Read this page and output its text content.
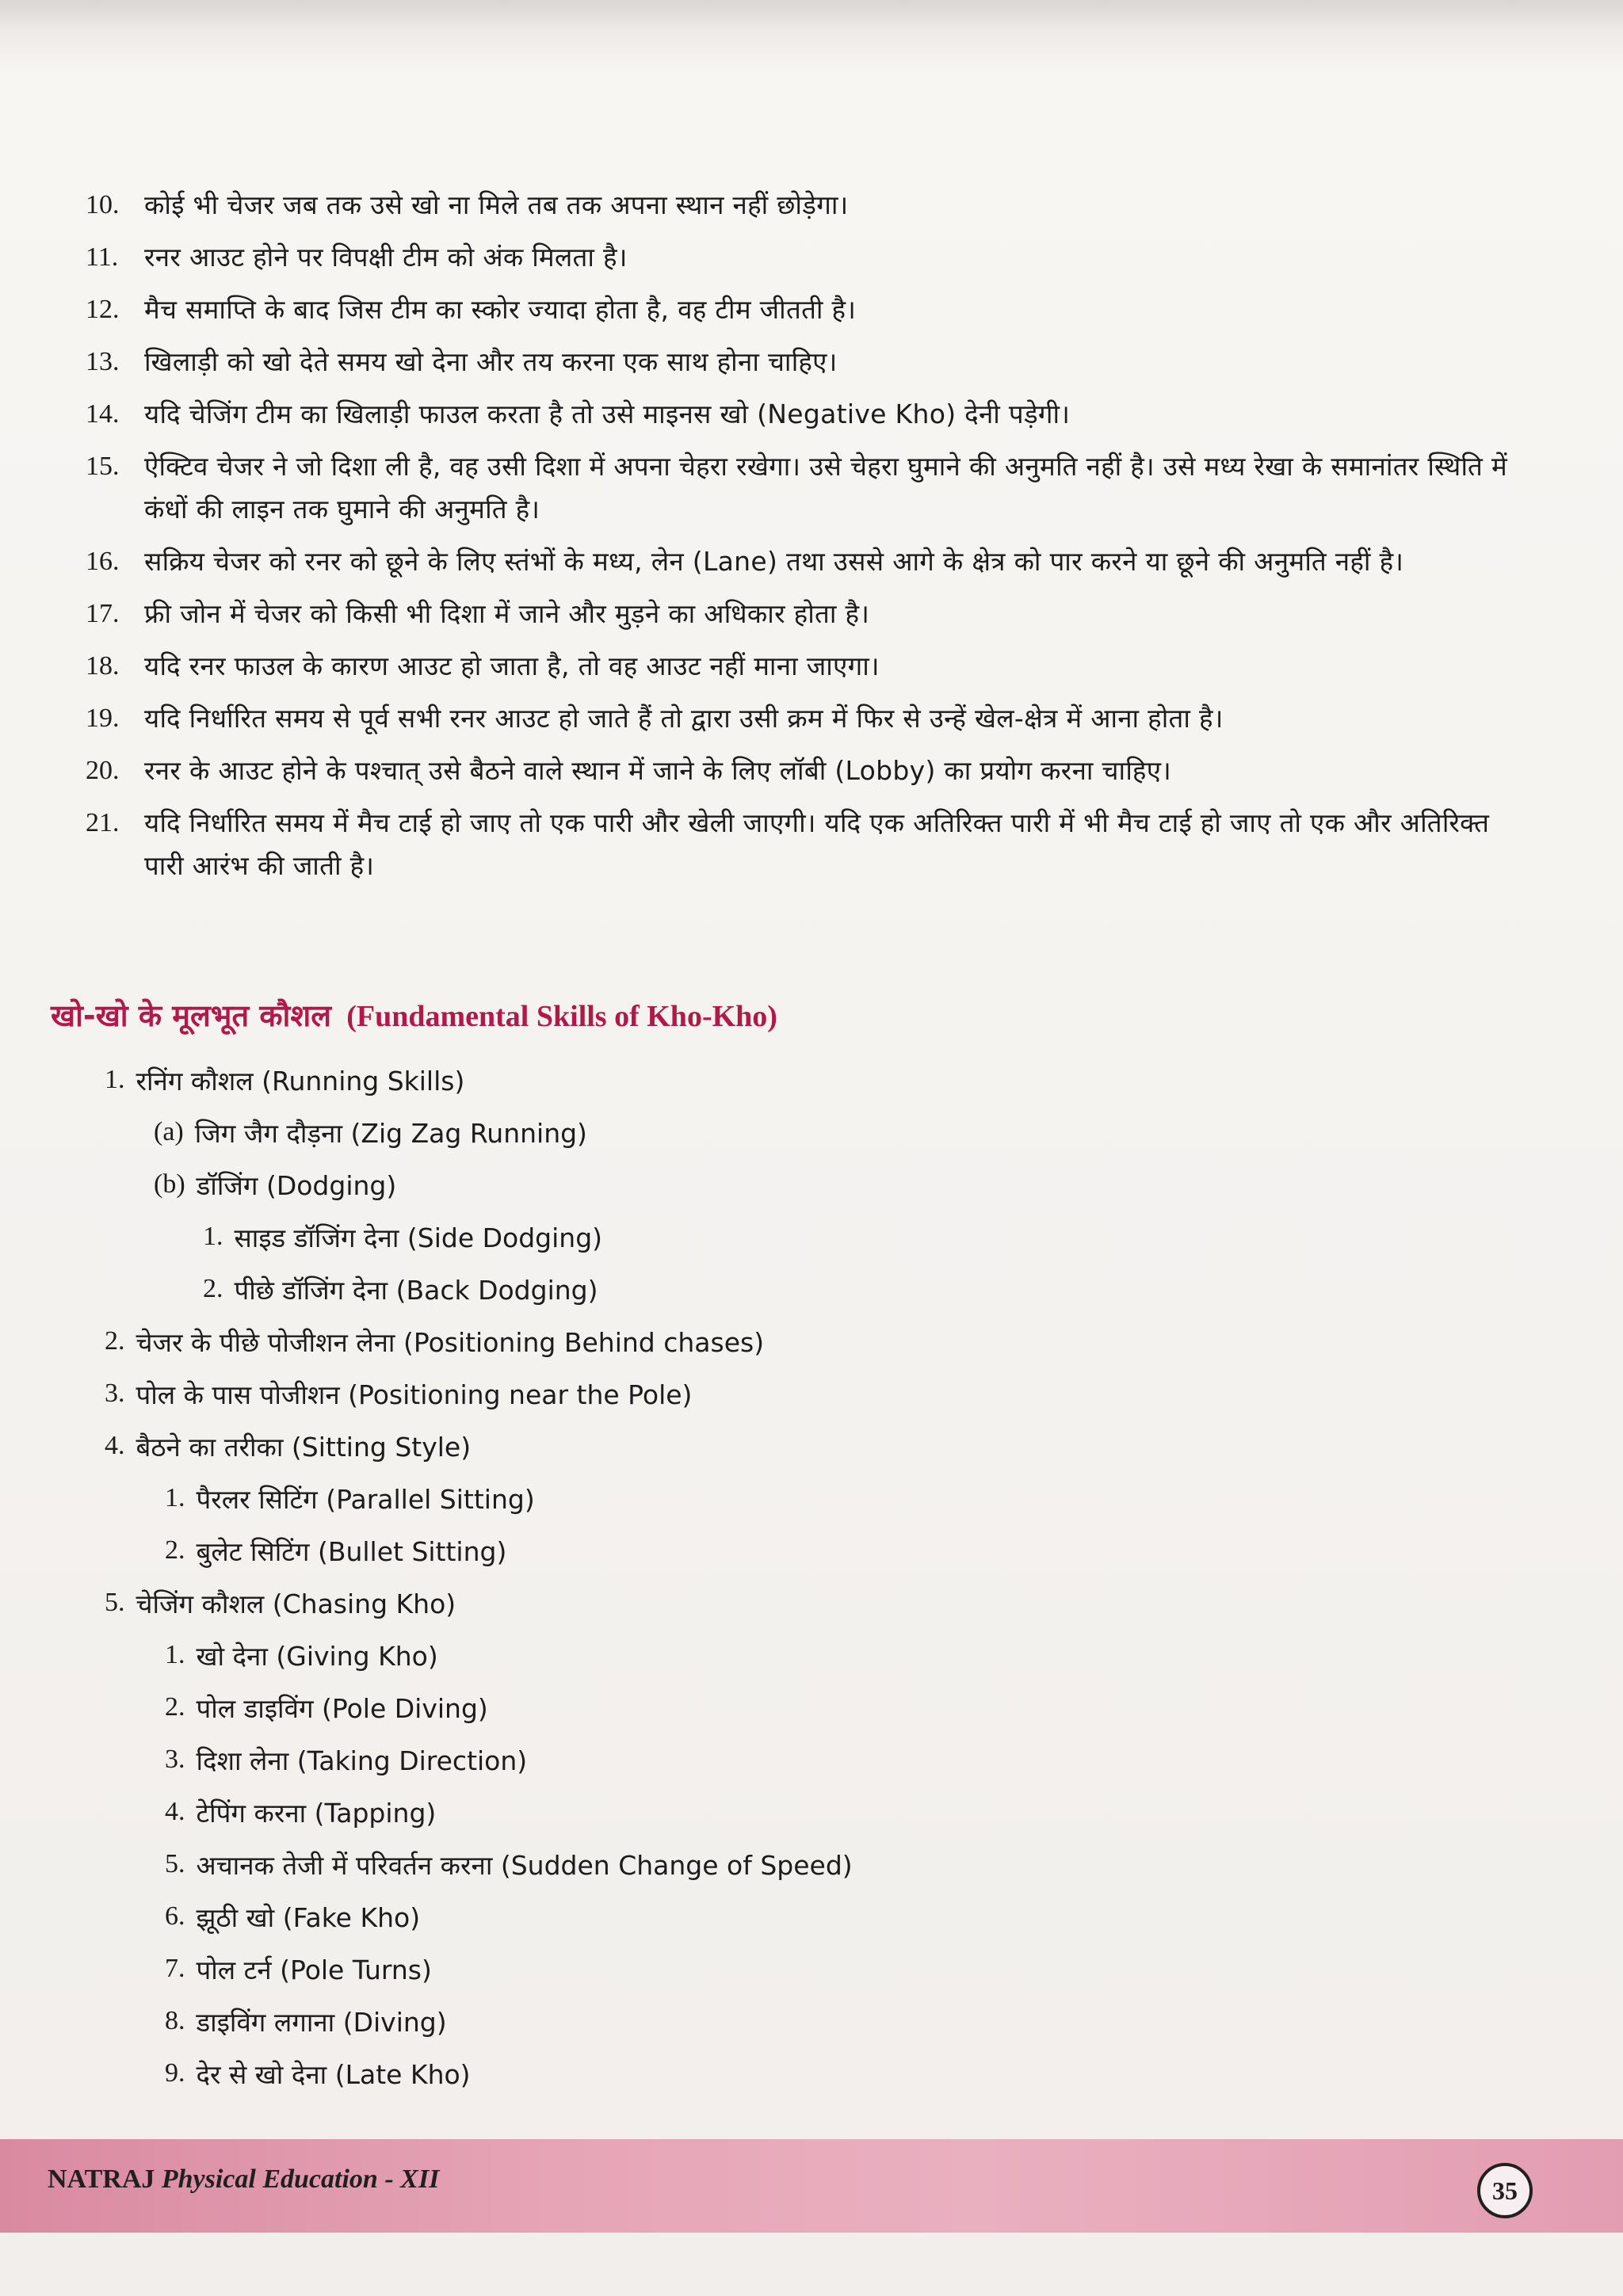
10. कोई भी चेजर जब तक उसे खो ना मिले तब तक अपना स्थान नहीं छोड़ेगा।
11. रनर आउट होने पर विपक्षी टीम को अंक मिलता है।
12. मैच समाप्ति के बाद जिस टीम का स्कोर ज्यादा होता है, वह टीम जीतती है।
13. खिलाड़ी को खो देते समय खो देना और तय करना एक साथ होना चाहिए।
14. यदि चेजिंग टीम का खिलाड़ी फाउल करता है तो उसे माइनस खो (Negative Kho) देनी पड़ेगी।
15. ऐक्टिव चेजर ने जो दिशा ली है, वह उसी दिशा में अपना चेहरा रखेगा। उसे चेहरा घुमाने की अनुमति नहीं है। उसे मध्य रेखा के समानांतर स्थिति में कंधों की लाइन तक घुमाने की अनुमति है।
16. सक्रिय चेजर को रनर को छूने के लिए स्तंभों के मध्य, लेन (Lane) तथा उससे आगे के क्षेत्र को पार करने या छूने की अनुमति नहीं है।
17. फ्री जोन में चेजर को किसी भी दिशा में जाने और मुड़ने का अधिकार होता है।
18. यदि रनर फाउल के कारण आउट हो जाता है, तो वह आउट नहीं माना जाएगा।
19. यदि निर्धारित समय से पूर्व सभी रनर आउट हो जाते हैं तो द्वारा उसी क्रम में फिर से उन्हें खेल-क्षेत्र में आना होता है।
20. रनर के आउट होने के पश्चात् उसे बैठने वाले स्थान में जाने के लिए लॉबी (Lobby) का प्रयोग करना चाहिए।
21. यदि निर्धारित समय में मैच टाई हो जाए तो एक पारी और खेली जाएगी। यदि एक अतिरिक्त पारी में भी मैच टाई हो जाए तो एक और अतिरिक्त पारी आरंभ की जाती है।
खो-खो के मूलभूत कौशल (Fundamental Skills of Kho-Kho)
1. रनिंग कौशल (Running Skills)
(a) जिग जैग दौड़ना (Zig Zag Running)
(b) डॉजिंग (Dodging)
1. साइड डॉजिंग देना (Side Dodging)
2. पीछे डॉजिंग देना (Back Dodging)
2. चेजर के पीछे पोजीशन लेना (Positioning Behind chases)
3. पोल के पास पोजीशन (Positioning near the Pole)
4. बैठने का तरीका (Sitting Style)
1. पैरलर सिटिंग (Parallel Sitting)
2. बुलेट सिटिंग (Bullet Sitting)
5. चेजिंग कौशल (Chasing Kho)
1. खो देना (Giving Kho)
2. पोल डाइविंग (Pole Diving)
3. दिशा लेना (Taking Direction)
4. टेपिंग करना (Tapping)
5. अचानक तेजी में परिवर्तन करना (Sudden Change of Speed)
6. झूठी खो (Fake Kho)
7. पोल टर्न (Pole Turns)
8. डाइविंग लगाना (Diving)
9. देर से खो देना (Late Kho)
NATRAJ Physical Education - XII	35
